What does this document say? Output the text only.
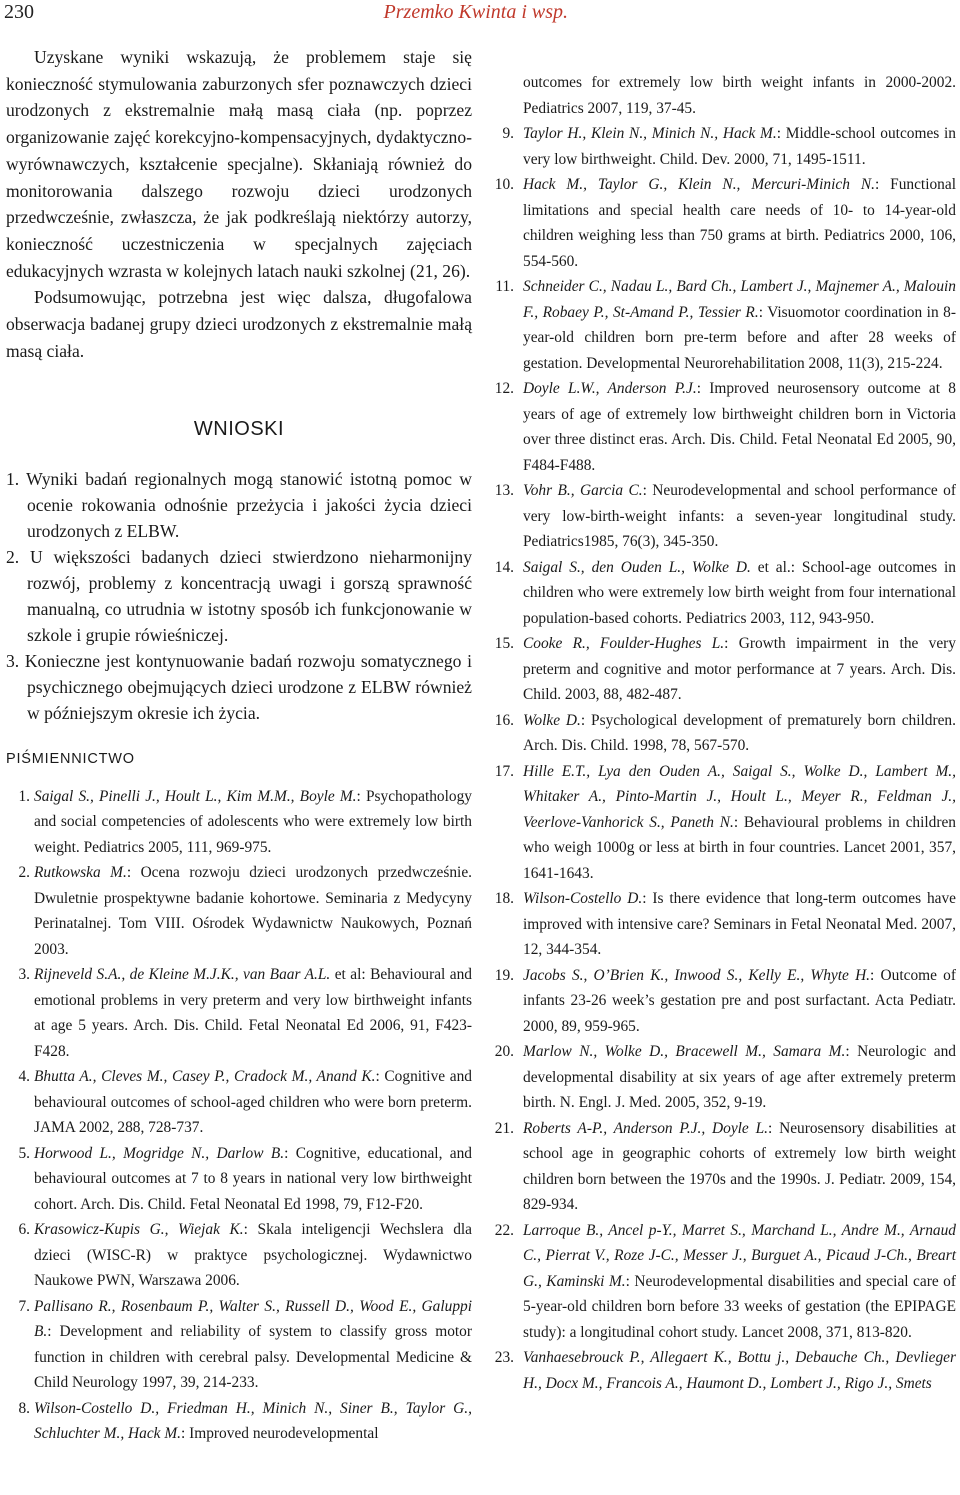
230	Przemko Kwinta i wsp.

Uzyskane wyniki wskazują, że problemem staje się konieczność stymulowania zaburzonych sfer poznawczych dzieci urodzonych z ekstremalnie małą masą ciała (np. poprzez organizowanie zajęć korekcyjno-kompensacyjnych, dydaktyczno-wyrównawczych, kształcenie specjalne). Skłaniają również do monitorowania dalszego rozwoju dzieci urodzonych przedwcześnie, zwłaszcza, że jak podkreślają niektórzy autorzy, konieczność uczestniczenia w specjalnych zajęciach edukacyjnych wzrasta w kolejnych latach nauki szkolnej (21, 26).

Podsumowując, potrzebna jest więc dalsza, długofalowa obserwacja badanej grupy dzieci urodzonych z ekstremalnie małą masą ciała.

WNIOSKI
1. Wyniki badań regionalnych mogą stanowić istotną pomoc w ocenie rokowania odnośnie przeżycia i jakości życia dzieci urodzonych z ELBW.
2. U większości badanych dzieci stwierdzono nieharmonijny rozwój, problemy z koncentracją uwagi i gorszą sprawność manualną, co utrudnia w istotny sposób ich funkcjonowanie w szkole i grupie rówieśniczej.
3. Konieczne jest kontynuowanie badań rozwoju somatycznego i psychicznego obejmujących dzieci urodzone z ELBW również w późniejszym okresie ich życia.
PIŚMIENNICTWO
1. Saigal S., Pinelli J., Hoult L., Kim M.M., Boyle M.: Psychopathology and social competencies of adolescents who were extremely low birth weight. Pediatrics 2005, 111, 969-975.
2. Rutkowska M.: Ocena rozwoju dzieci urodzonych przedwcześnie. Dwuletnie prospektywne badanie kohortowe. Seminaria z Medycyny Perinatalnej. Tom VIII. Ośrodek Wydawnictw Naukowych, Poznań 2003.
3. Rijneveld S.A., de Kleine M.J.K., van Baar A.L. et al: Behavioural and emotional problems in very preterm and very low birthweight infants at age 5 years. Arch. Dis. Child. Fetal Neonatal Ed 2006, 91, F423-F428.
4. Bhutta A., Cleves M., Casey P., Cradock M., Anand K.: Cognitive and behavioural outcomes of school-aged children who were born preterm. JAMA 2002, 288, 728-737.
5. Horwood L., Mogridge N., Darlow B.: Cognitive, educational, and behavioural outcomes at 7 to 8 years in national very low birthweight cohort. Arch. Dis. Child. Fetal Neonatal Ed 1998, 79, F12-F20.
6. Krasowicz-Kupis G., Wiejak K.: Skala inteligencji Wechslera dla dzieci (WISC-R) w praktyce psychologicznej. Wydawnictwo Naukowe PWN, Warszawa 2006.
7. Pallisano R., Rosenbaum P., Walter S., Russell D., Wood E., Galuppi B.: Development and reliability of system to classify gross motor function in children with cerebral palsy. Developmental Medicine & Child Neurology 1997, 39, 214-233.
8. Wilson-Costello D., Friedman H., Minich N., Siner B., Taylor G., Schluchter M., Hack M.: Improved neurodevelopmental
outcomes for extremely low birth weight infants in 2000-2002. Pediatrics 2007, 119, 37-45.
9. Taylor H., Klein N., Minich N., Hack M.: Middle-school outcomes in very low birthweight. Child. Dev. 2000, 71, 1495-1511.
10. Hack M., Taylor G., Klein N., Mercuri-Minich N.: Functional limitations and special health care needs of 10- to 14-year-old children weighing less than 750 grams at birth. Pediatrics 2000, 106, 554-560.
11. Schneider C., Nadau L., Bard Ch., Lambert J., Majnemer A., Malouin F., Robaey P., St-Amand P., Tessier R.: Visuomotor coordination in 8-year-old children born pre-term before and after 28 weeks of gestation. Developmental Neurorehabilitation 2008, 11(3), 215-224.
12. Doyle L.W., Anderson P.J.: Improved neurosensory outcome at 8 years of age of extremely low birthweight children born in Victoria over three distinct eras. Arch. Dis. Child. Fetal Neonatal Ed 2005, 90, F484-F488.
13. Vohr B., Garcia C.: Neurodevelopmental and school performance of very low-birth-weight infants: a seven-year longitudinal study. Pediatrics1985, 76(3), 345-350.
14. Saigal S., den Ouden L., Wolke D. et al.: School-age outcomes in children who were extremely low birth weight from four international population-based cohorts. Pediatrics 2003, 112, 943-950.
15. Cooke R., Foulder-Hughes L.: Growth impairment in the very preterm and cognitive and motor performance at 7 years. Arch. Dis. Child. 2003, 88, 482-487.
16. Wolke D.: Psychological development of prematurely born children. Arch. Dis. Child. 1998, 78, 567-570.
17. Hille E.T., Lya den Ouden A., Saigal S., Wolke D., Lambert M., Whitaker A., Pinto-Martin J., Hoult L., Meyer R., Feldman J., Veerlove-Vanhorick S., Paneth N.: Behavioural problems in children who weigh 1000g or less at birth in four countries. Lancet 2001, 357, 1641-1643.
18. Wilson-Costello D.: Is there evidence that long-term outcomes have improved with intensive care? Seminars in Fetal Neonatal Med. 2007, 12, 344-354.
19. Jacobs S., O’Brien K., Inwood S., Kelly E., Whyte H.: Outcome of infants 23-26 week’s gestation pre and post surfactant. Acta Pediatr. 2000, 89, 959-965.
20. Marlow N., Wolke D., Bracewell M., Samara M.: Neurologic and developmental disability at six years of age after extremely preterm birth. N. Engl. J. Med. 2005, 352, 9-19.
21. Roberts A-P., Anderson P.J., Doyle L.: Neurosensory disabilities at school age in geographic cohorts of extremely low birth weight children born between the 1970s and the 1990s. J. Pediatr. 2009, 154, 829-934.
22. Larroque B., Ancel p-Y., Marret S., Marchand L., Andre M., Arnaud C., Pierrat V., Roze J-C., Messer J., Burguet A., Picaud J-Ch., Breart G., Kaminski M.: Neurodevelopmental disabilities and special care of 5-year-old children born before 33 weeks of gestation (the EPIPAGE study): a longitudinal cohort study. Lancet 2008, 371, 813-820.
23. Vanhaesebrouck P., Allegaert K., Bottu j., Debauche Ch., Devlieger H., Docx M., Francois A., Haumont D., Lombert J., Rigo J., Smets
